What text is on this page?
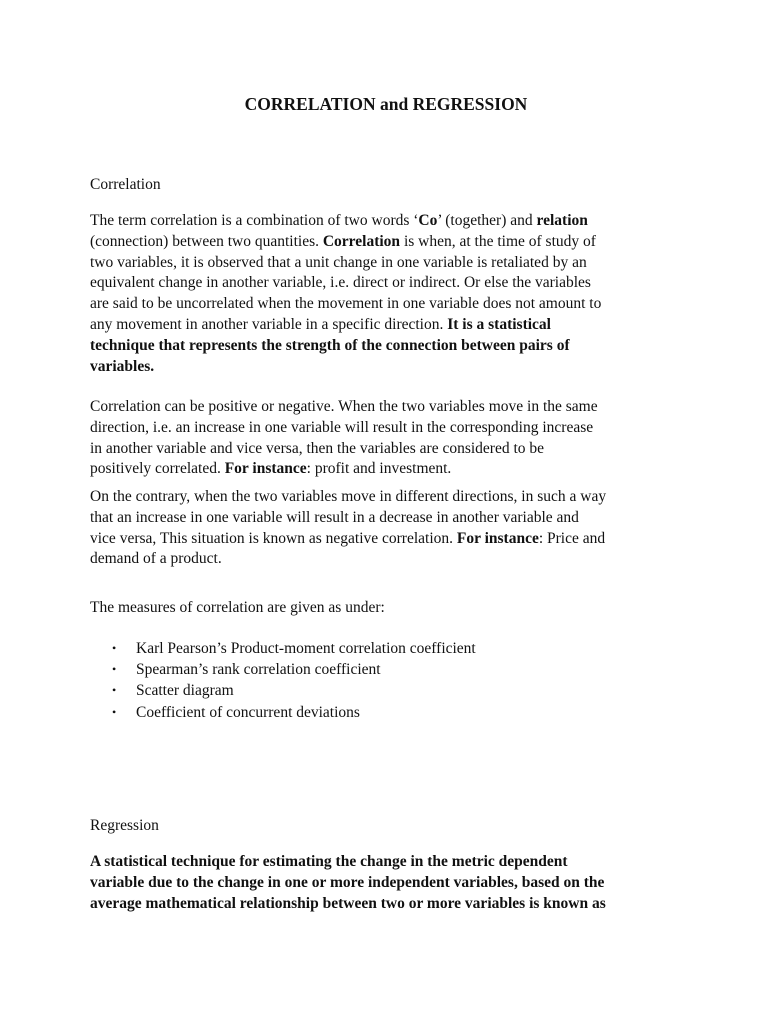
CORRELATION and REGRESSION

Correlation

The term correlation is a combination of two words ‘Co’ (together) and relation
(connection) between two quantities. Correlation is when, at the time of study of
two variables, it is observed that a unit change in one variable is retaliated by an
equivalent change in another variable, i.e. direct or indirect. Or else the variables
are said to be uncorrelated when the movement in one variable does not amount to
any movement in another variable in a specific direction. It is a statistical
technique that represents the strength of the connection between pairs of
variables.

Correlation can be positive or negative. When the two variables move in the same
direction, i.e. an increase in one variable will result in the corresponding increase
in another variable and vice versa, then the variables are considered to be
positively correlated. For instance: profit and investment.

On the contrary, when the two variables move in different directions, in such a way
that an increase in one variable will result in a decrease in another variable and
vice versa, This situation is known as negative correlation. For instance: Price and
demand of a product.

The measures of correlation are given as under:

• Karl Pearson’s Product-moment correlation coefficient
• Spearman’s rank correlation coefficient
• Scatter diagram
• Coefficient of concurrent deviations

Regression

A statistical technique for estimating the change in the metric dependent
variable due to the change in one or more independent variables, based on the
average mathematical relationship between two or more variables is known as
